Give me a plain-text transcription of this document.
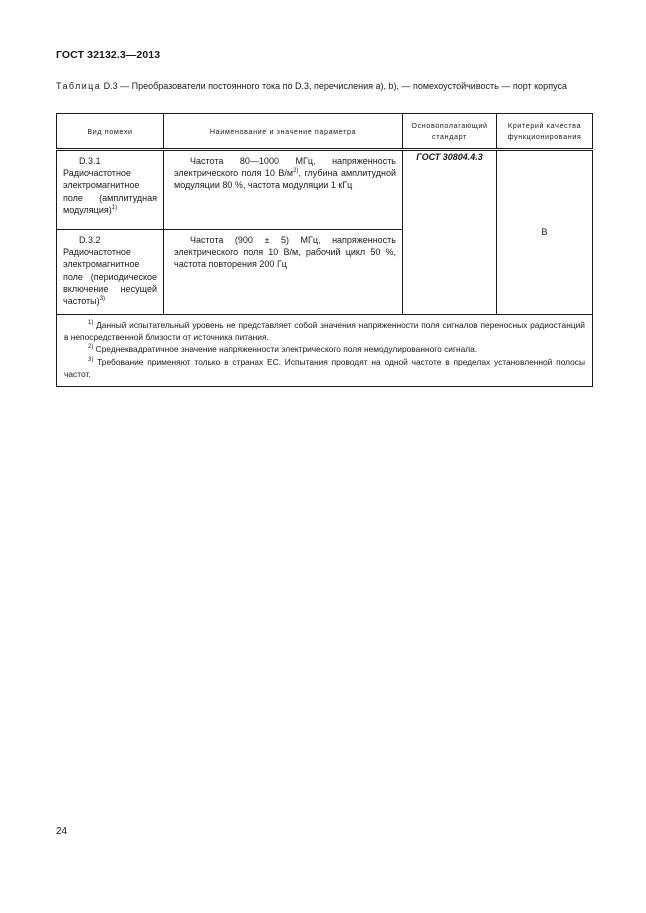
ГОСТ 32132.3—2013
Таблица D.3 — Преобразователи постоянного тока по D.3, перечисления a), b), — помехоустойчивость — порт корпуса
Вид помехи	Наименование и значение параметра	Основополагающий стандарт	Критерий качества функционирования

D.3.1 Радиочастотное электромагнитное поле (амплитудная модуляция)$^{1)}$	Частота 80—1000 МГц, напряженность электрического поля 10 $В/м^{2)}$, глубина амплитудной модуляции 80 %, частота модуляции 1 кГц	ГОСТ 30804.4.3	B

D.3.2 Радиочастотное электромагнитное поле (периодическое включение несущей частоты)$^{3)}$	Частота (900 ± 5) МГц, напряженность электрического поля 10 В/м, рабочий цикл 50 %, частота повторения 200 Гц		

$^{1)}$ Данный испытательный уровень не представляет собой значения напряженности поля сигналов переносных радиостанций в непосредственной близости от источника питания.

$^{2)}$ Среднеквадратичное значение напряженности электрического поля немодулированного сигнала.

$^{3)}$ Требование применяют только в странах ЕС. Испытания проводят на одной частоте в пределах установленной полосы частот.			

24
